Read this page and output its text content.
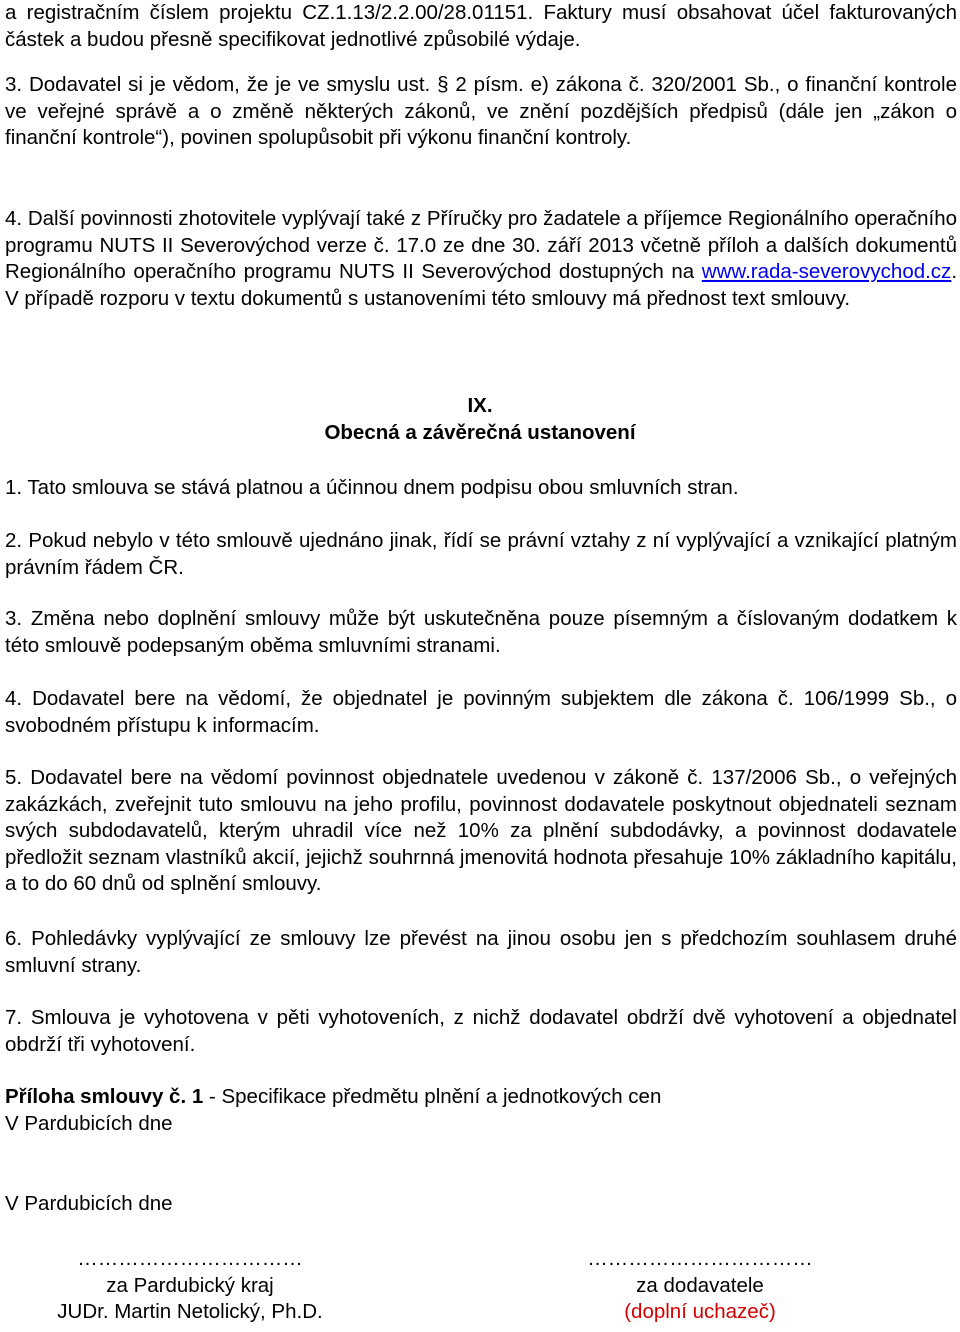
a registračním číslem projektu CZ.1.13/2.2.00/28.01151. Faktury musí obsahovat účel fakturovaných částek a budou přesně specifikovat jednotlivé způsobilé výdaje.

3. Dodavatel si je vědom, že je ve smyslu ust. § 2 písm. e) zákona č. 320/2001 Sb., o finanční kontrole ve veřejné správě a o změně některých zákonů, ve znění pozdějších předpisů (dále jen „zákon o finanční kontrole“), povinen spolupůsobit při výkonu finanční kontroly.

4. Další povinnosti zhotovitele vyplývají také z Příručky pro žadatele a příjemce Regionálního operačního programu NUTS II Severovýchod verze č. 17.0 ze dne 30. září 2013 včetně příloh a dalších dokumentů Regionálního operačního programu NUTS II Severovýchod dostupných na www.rada-severovychod.cz. V případě rozporu v textu dokumentů s ustanoveními této smlouvy má přednost text smlouvy.

IX.

Obecná a závěrečná ustanovení

1. Tato smlouva se stává platnou a účinnou dnem podpisu obou smluvních stran.

2. Pokud nebylo v této smlouvě ujednáno jinak, řídí se právní vztahy z ní vyplývající a vznikající platným právním řádem ČR.

3. Změna nebo doplnění smlouvy může být uskutečněna pouze písemným a číslovaným dodatkem k této smlouvě podepsaným oběma smluvními stranami.

4. Dodavatel bere na vědomí, že objednatel je povinným subjektem dle zákona č. 106/1999 Sb., o svobodném přístupu k informacím.

5. Dodavatel bere na vědomí povinnost objednatele uvedenou v zákoně č. 137/2006 Sb., o veřejných zakázkách, zveřejnit tuto smlouvu na jeho profilu, povinnost dodavatele poskytnout objednateli seznam svých subdodavatelů, kterým uhradil více než 10% za plnění subdodávky, a povinnost dodavatele předložit seznam vlastníků akcií, jejichž souhrnná jmenovitá hodnota přesahuje 10% základního kapitálu, a to do 60 dnů od splnění smlouvy.

6. Pohledávky vyplývající ze smlouvy lze převést na jinou osobu jen s předchozím souhlasem druhé smluvní strany.

7. Smlouva je vyhotovena v pěti vyhotoveních, z nichž dodavatel obdrží dvě vyhotovení a objednatel obdrží tři vyhotovení.

Příloha smlouvy č. 1 - Specifikace předmětu plnění a jednotkových cen

V Pardubicích dne

V Pardubicích dne

……………………………
za Pardubický kraj
JUDr. Martin Netolický, Ph.D.
……………………………
za dodavatele
(doplní uchazeč)
